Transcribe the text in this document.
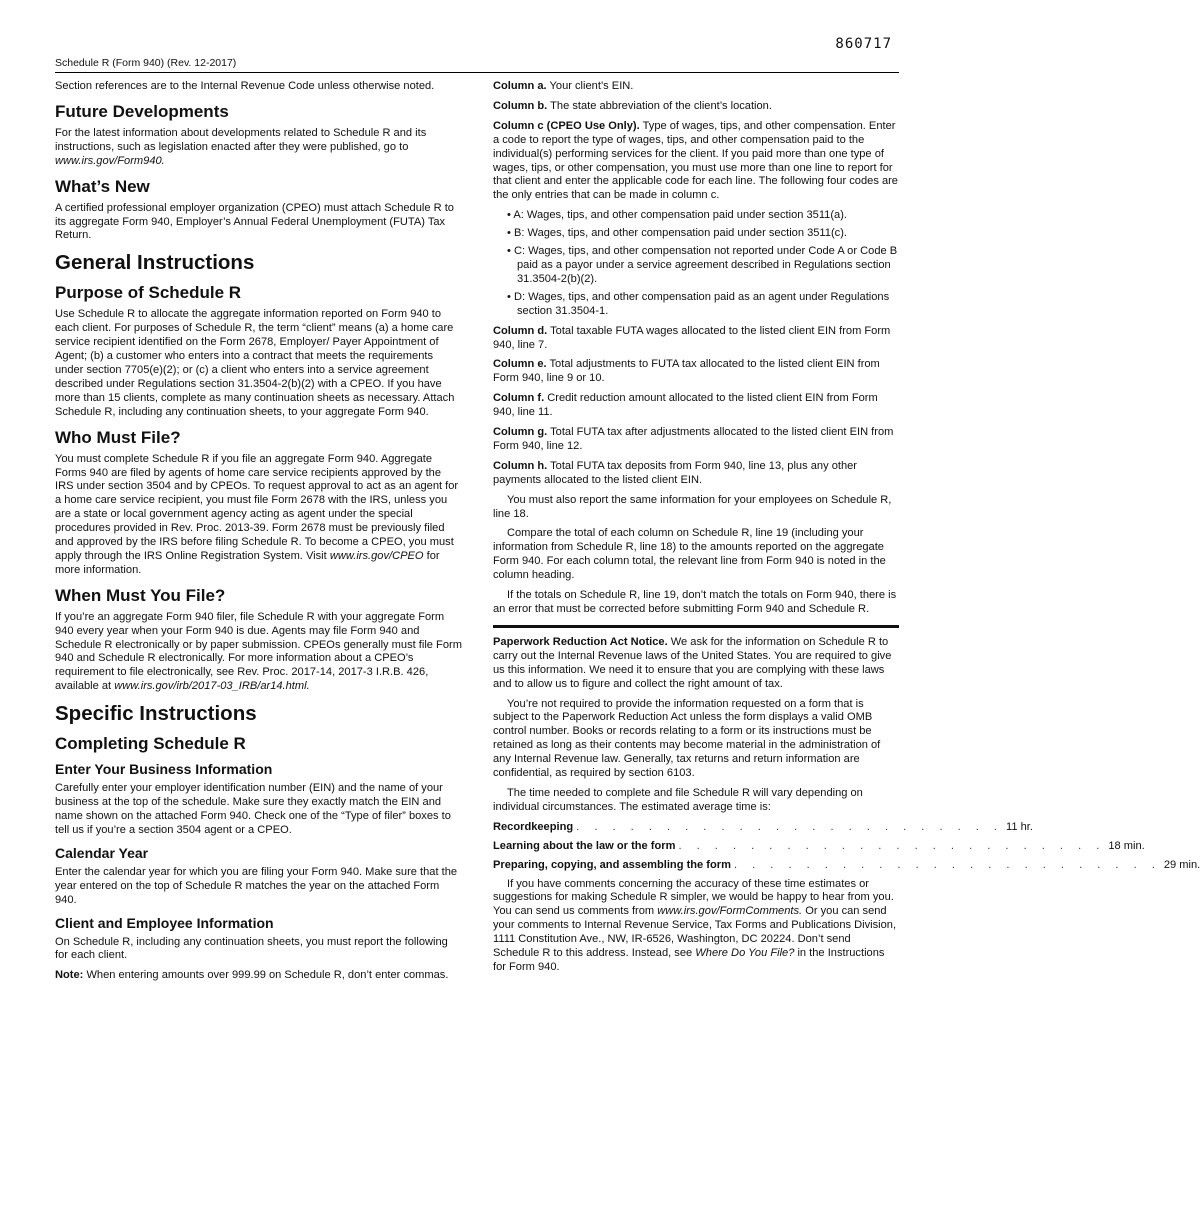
860717
Schedule R (Form 940) (Rev. 12-2017)

Section references are to the Internal Revenue Code unless otherwise noted.

Future Developments

For the latest information about developments related to Schedule R and its instructions, such as legislation enacted after they were published, go to www.irs.gov/Form940.

What’s New

A certified professional employer organization (CPEO) must attach Schedule R to its aggregate Form 940, Employer’s Annual Federal Unemployment (FUTA) Tax Return.

General Instructions
Purpose of Schedule R

Use Schedule R to allocate the aggregate information reported on Form 940 to each client. For purposes of Schedule R, the term “client” means (a) a home care service recipient identified on the Form 2678, Employer/ Payer Appointment of Agent; (b) a customer who enters into a contract that meets the requirements under section 7705(e)(2); or (c) a client who enters into a service agreement described under Regulations section 31.3504-2(b)(2) with a CPEO. If you have more than 15 clients, complete as many continuation sheets as necessary. Attach Schedule R, including any continuation sheets, to your aggregate Form 940.

Who Must File?

You must complete Schedule R if you file an aggregate Form 940. Aggregate Forms 940 are filed by agents of home care service recipients approved by the IRS under section 3504 and by CPEOs. To request approval to act as an agent for a home care service recipient, you must file Form 2678 with the IRS, unless you are a state or local government agency acting as agent under the special procedures provided in Rev. Proc. 2013-39. Form 2678 must be previously filed and approved by the IRS before filing Schedule R. To become a CPEO, you must apply through the IRS Online Registration System. Visit www.irs.gov/CPEO for more information.

When Must You File?

If you’re an aggregate Form 940 filer, file Schedule R with your aggregate Form 940 every year when your Form 940 is due. Agents may file Form 940 and Schedule R electronically or by paper submission. CPEOs generally must file Form 940 and Schedule R electronically. For more information about a CPEO’s requirement to file electronically, see Rev. Proc. 2017-14, 2017-3 I.R.B. 426, available at www.irs.gov/irb/2017-03_IRB/ar14.html.

Specific Instructions
Completing Schedule R
Enter Your Business Information

Carefully enter your employer identification number (EIN) and the name of your business at the top of the schedule. Make sure they exactly match the EIN and name shown on the attached Form 940. Check one of the “Type of filer” boxes to tell us if you’re a section 3504 agent or a CPEO.

Calendar Year

Enter the calendar year for which you are filing your Form 940. Make sure that the year entered on the top of Schedule R matches the year on the attached Form 940.

Client and Employee Information

On Schedule R, including any continuation sheets, you must report the following for each client.

Note: When entering amounts over 999.99 on Schedule R, don’t enter commas.

Column a. Your client’s EIN.

Column b. The state abbreviation of the client’s location.

Column c (CPEO Use Only). Type of wages, tips, and other compensation. Enter a code to report the type of wages, tips, and other compensation paid to the individual(s) performing services for the client. If you paid more than one type of wages, tips, or other compensation, you must use more than one line to report for that client and enter the applicable code for each line. The following four codes are the only entries that can be made in column c.

• A: Wages, tips, and other compensation paid under section 3511(a).
• B: Wages, tips, and other compensation paid under section 3511(c).
• C: Wages, tips, and other compensation not reported under Code A or Code B paid as a payor under a service agreement described in Regulations section 31.3504-2(b)(2).
• D: Wages, tips, and other compensation paid as an agent under Regulations section 31.3504-1.

Column d. Total taxable FUTA wages allocated to the listed client EIN from Form 940, line 7.

Column e. Total adjustments to FUTA tax allocated to the listed client EIN from Form 940, line 9 or 10.

Column f. Credit reduction amount allocated to the listed client EIN from Form 940, line 11.

Column g. Total FUTA tax after adjustments allocated to the listed client EIN from Form 940, line 12.

Column h. Total FUTA tax deposits from Form 940, line 13, plus any other payments allocated to the listed client EIN.

You must also report the same information for your employees on Schedule R, line 18.

Compare the total of each column on Schedule R, line 19 (including your information from Schedule R, line 18) to the amounts reported on the aggregate Form 940. For each column total, the relevant line from Form 940 is noted in the column heading.

If the totals on Schedule R, line 19, don’t match the totals on Form 940, there is an error that must be corrected before submitting Form 940 and Schedule R.

Paperwork Reduction Act Notice. We ask for the information on Schedule R to carry out the Internal Revenue laws of the United States. You are required to give us this information. We need it to ensure that you are complying with these laws and to allow us to figure and collect the right amount of tax.

You’re not required to provide the information requested on a form that is subject to the Paperwork Reduction Act unless the form displays a valid OMB control number. Books or records relating to a form or its instructions must be retained as long as their contents may become material in the administration of any Internal Revenue law. Generally, tax returns and return information are confidential, as required by section 6103.

The time needed to complete and file Schedule R will vary depending on individual circumstances. The estimated average time is:

Recordkeeping . . . . . . . . . . . . . . . . . . . . . . . . 11 hr.
Learning about the law or the form . . . . . . . . . . . . . . . . . . . . . . . . 18 min.
Preparing, copying, and assembling the form . . . . . . . . . . . . . . . . . . . . . . . . 29 min.

If you have comments concerning the accuracy of these time estimates or suggestions for making Schedule R simpler, we would be happy to hear from you. You can send us comments from www.irs.gov/FormComments. Or you can send your comments to Internal Revenue Service, Tax Forms and Publications Division, 1111 Constitution Ave., NW, IR-6526, Washington, DC 20224. Don’t send Schedule R to this address. Instead, see Where Do You File? in the Instructions for Form 940.
